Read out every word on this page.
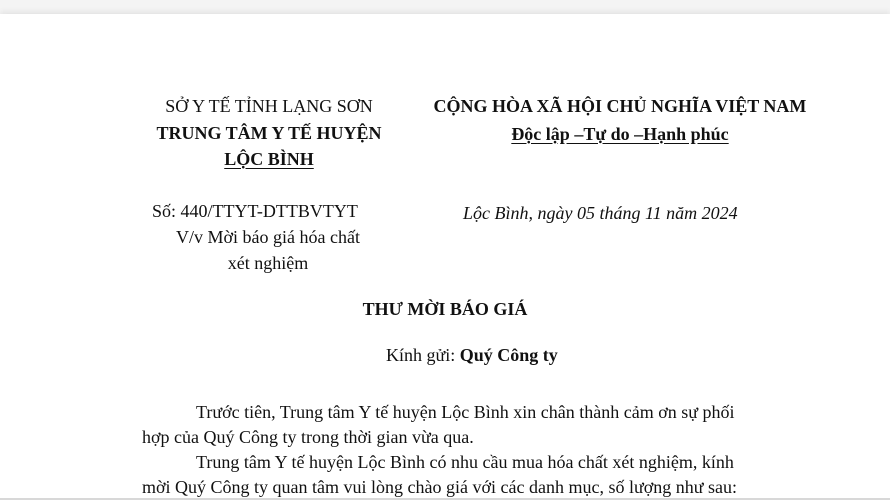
SỞ Y TẾ TỈNH LẠNG SƠN
TRUNG TÂM Y TẾ HUYỆN
LỘC BÌNH
CỘNG HÒA XÃ HỘI CHỦ NGHĨA VIỆT NAM
Độc lập –Tự do –Hạnh phúc
Số: 440/TTYT-DTTBVTYT
V/v Mời báo giá hóa chất
xét nghiệm
Lộc Bình, ngày 05 tháng 11 năm 2024
THƯ MỜI BÁO GIÁ
Kính gửi: Quý Công ty
Trước tiên, Trung tâm Y tế huyện Lộc Bình xin chân thành cảm ơn sự phối
hợp của Quý Công ty trong thời gian vừa qua.
Trung tâm Y tế huyện Lộc Bình có nhu cầu mua hóa chất xét nghiệm, kính
mời Quý Công ty quan tâm vui lòng chào giá với các danh mục, số lượng như sau:
